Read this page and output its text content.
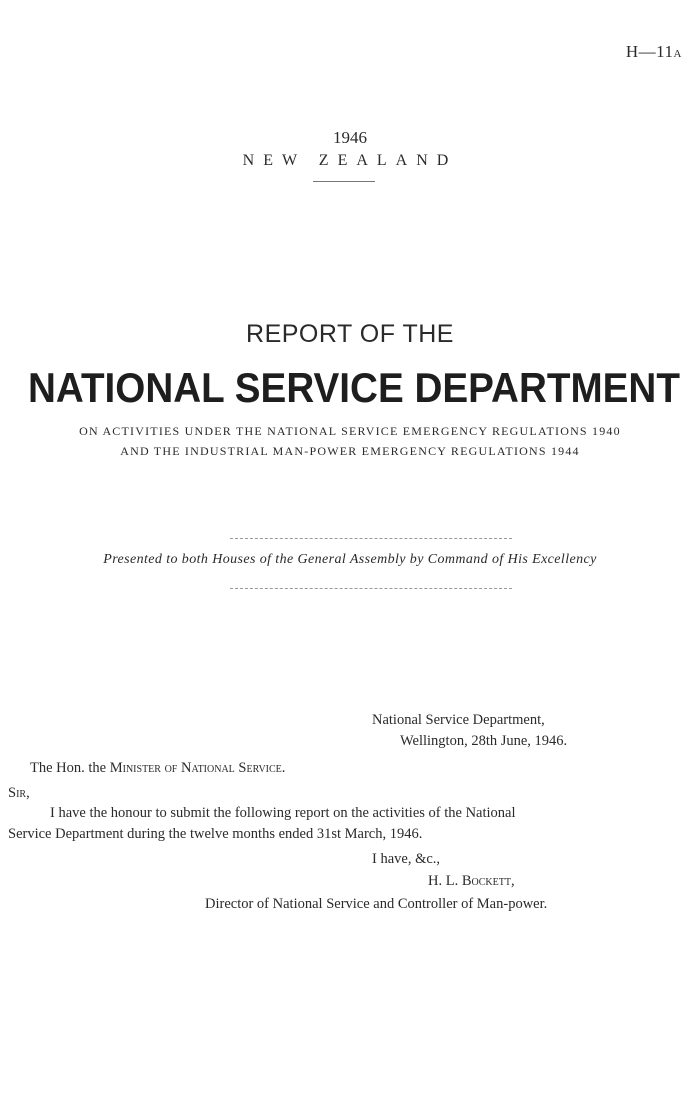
H—11A
1946
NEW ZEALAND
REPORT OF THE
NATIONAL SERVICE DEPARTMENT
ON ACTIVITIES UNDER THE NATIONAL SERVICE EMERGENCY REGULATIONS 1940
AND THE INDUSTRIAL MAN-POWER EMERGENCY REGULATIONS 1944
Presented to both Houses of the General Assembly by Command of His Excellency
National Service Department,
Wellington, 28th June, 1946.
The Hon. the Minister of National Service.
Sir,
I have the honour to submit the following report on the activities of the National
Service Department during the twelve months ended 31st March, 1946.
I have, &c.,
H. L. Bockett,
Director of National Service and Controller of Man-power.
